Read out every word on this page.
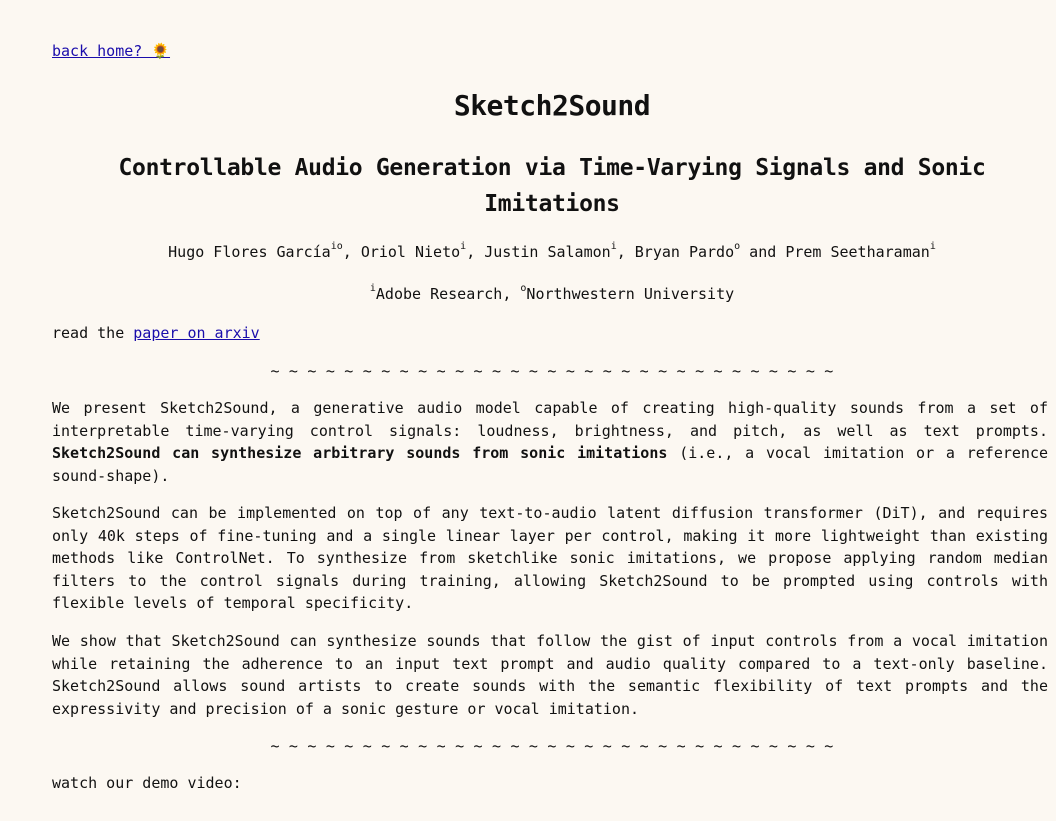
back home? 🌻
Sketch2Sound
Controllable Audio Generation via Time-Varying Signals and Sonic Imitations
Hugo Flores García$^{io}$, Oriol Nieto$^i$, Justin Salamon$^i$, Bryan Pardo$^o$ and Prem Seetharaman$^i$
$^i$Adobe Research, $^o$Northwestern University
read the paper on arxiv
~ ~ ~ ~ ~ ~ ~ ~ ~ ~ ~ ~ ~ ~ ~ ~ ~ ~ ~ ~ ~ ~ ~ ~ ~ ~ ~ ~ ~ ~ ~

We present Sketch2Sound, a generative audio model capable of creating high-quality sounds from a set of interpretable time-varying control signals: loudness, brightness, and pitch, as well as text prompts. Sketch2Sound can synthesize arbitrary sounds from sonic imitations (i.e., a vocal imitation or a reference sound-shape).

Sketch2Sound can be implemented on top of any text-to-audio latent diffusion transformer (DiT), and requires only 40k steps of fine-tuning and a single linear layer per control, making it more lightweight than existing methods like ControlNet. To synthesize from sketchlike sonic imitations, we propose applying random median filters to the control signals during training, allowing Sketch2Sound to be prompted using controls with flexible levels of temporal specificity.

We show that Sketch2Sound can synthesize sounds that follow the gist of input controls from a vocal imitation while retaining the adherence to an input text prompt and audio quality compared to a text-only baseline. Sketch2Sound allows sound artists to create sounds with the semantic flexibility of text prompts and the expressivity and precision of a sonic gesture or vocal imitation.

~ ~ ~ ~ ~ ~ ~ ~ ~ ~ ~ ~ ~ ~ ~ ~ ~ ~ ~ ~ ~ ~ ~ ~ ~ ~ ~ ~ ~ ~ ~
watch our demo video:
